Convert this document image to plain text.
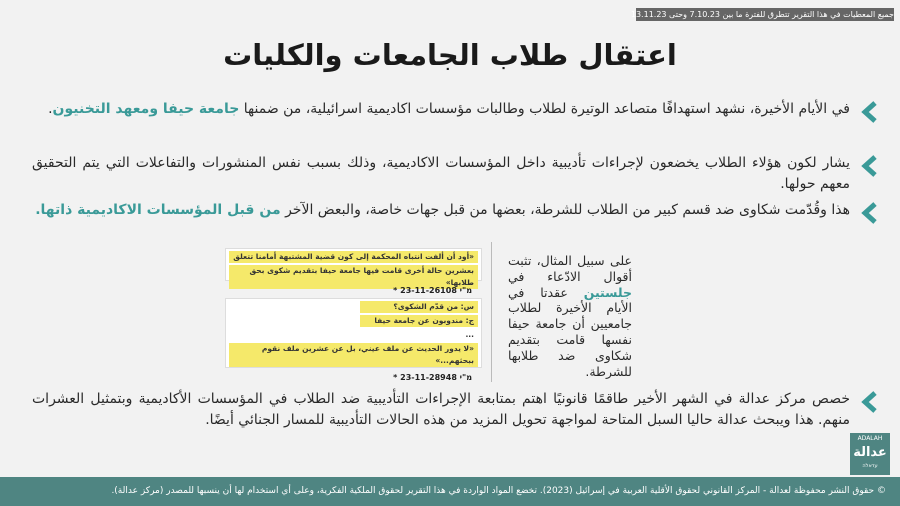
جميع المعطيات في هذا التقرير تتطرق للفترة ما بين 7.10.23 وحتى 13.11.23
اعتقال طلاب الجامعات والكليات

في الأيام الأخيرة، نشهد استهدافًا متصاعد الوتيرة لطلاب وطالبات مؤسسات اكاديمية اسرائيلية، من ضمنها جامعة حيفا ومعهد التخنيون.

يشار لكون هؤلاء الطلاب يخضعون لإجراءات تأديبية داخل المؤسسات الاكاديمية، وذلك بسبب نفس المنشورات والتفاعلات التي يتم التحقيق معهم حولها.

هذا وقُدّمت شكاوى ضد قسم كبير من الطلاب للشرطة، بعضها من قبل جهات خاصة، والبعض الآخر من قبل المؤسسات الاكاديمية ذاتها.

«أود أن ألفت انتباه المحكمة إلى كون قضية المشتبهة أمامنا تتعلق
بعشرين حالة أخرى قامت فيها جامعة حيفا بتقديم شكوى بحق طلابها»
* מ"י 23-11-26108
س: من قدّم الشكوى؟
ج: مندوبون عن جامعة حيفا
...
«لا يدور الحديث عن ملف عيني، بل عن عشرين ملف نقوم ببحثهم...»
* מ"י 23-11-28948

على سبيل المثال، تثبت أقوال الادّعاء في جلستين عقدتا في الأيام الأخيرة لطلاب جامعيين أن جامعة حيفا نفسها قامت بتقديم شكاوى ضد طلابها للشرطة.

خصص مركز عدالة في الشهر الأخير طاقمًا قانونيًا اهتم بمتابعة الإجراءات التأديبية ضد الطلاب في المؤسسات الأكاديمية وبتمثيل العشرات منهم. هذا ويبحث عدالة حاليا السبل المتاحة لمواجهة تحويل المزيد من هذه الحالات التأديبية للمسار الجنائي أيضًا.

ADALAH
عدالة
עדאלה
© حقوق النشر محفوظة لعدالة - المركز القانوني لحقوق الأقلية العربية في إسرائيل (2023). تخضع المواد الواردة في هذا التقرير لحقوق الملكية الفكرية، وعلى أي استخدام لها أن ينسبها للمصدر (مركز عدالة).
